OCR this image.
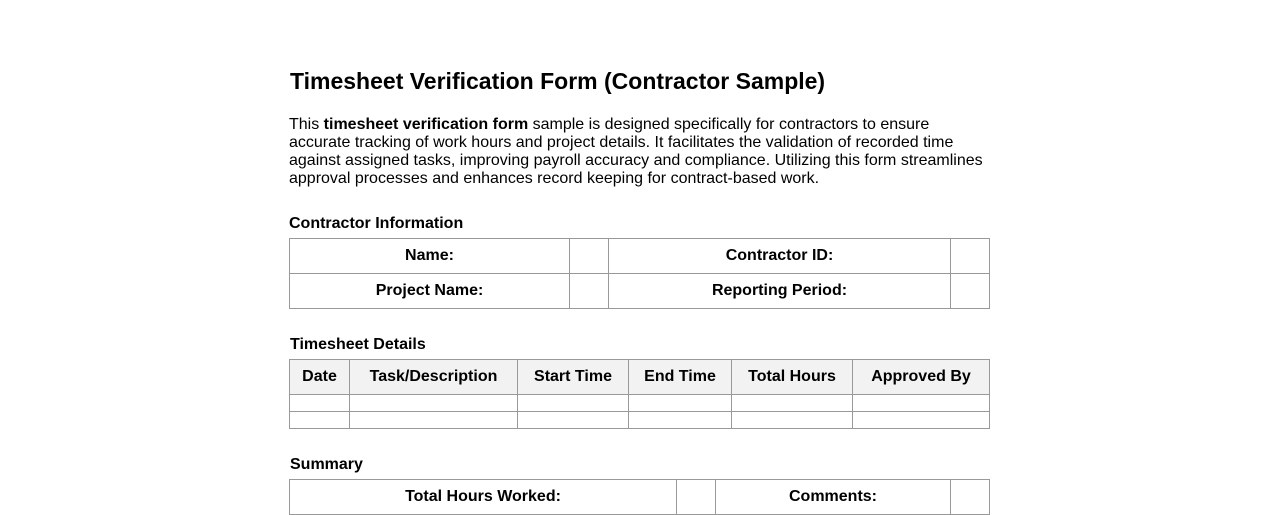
Timesheet Verification Form (Contractor Sample)

This timesheet verification form sample is designed specifically for contractors to ensure accurate tracking of work hours and project details. It facilitates the validation of recorded time against assigned tasks, improving payroll accuracy and compliance. Utilizing this form streamlines approval processes and enhances record keeping for contract-based work.

Contractor Information
Name:		Contractor ID:	
Project Name:		Reporting Period:	
Timesheet Details
Date	Task/Description	Start Time	End Time	Total Hours	Approved By

Summary
Total Hours Worked:		Comments:	
